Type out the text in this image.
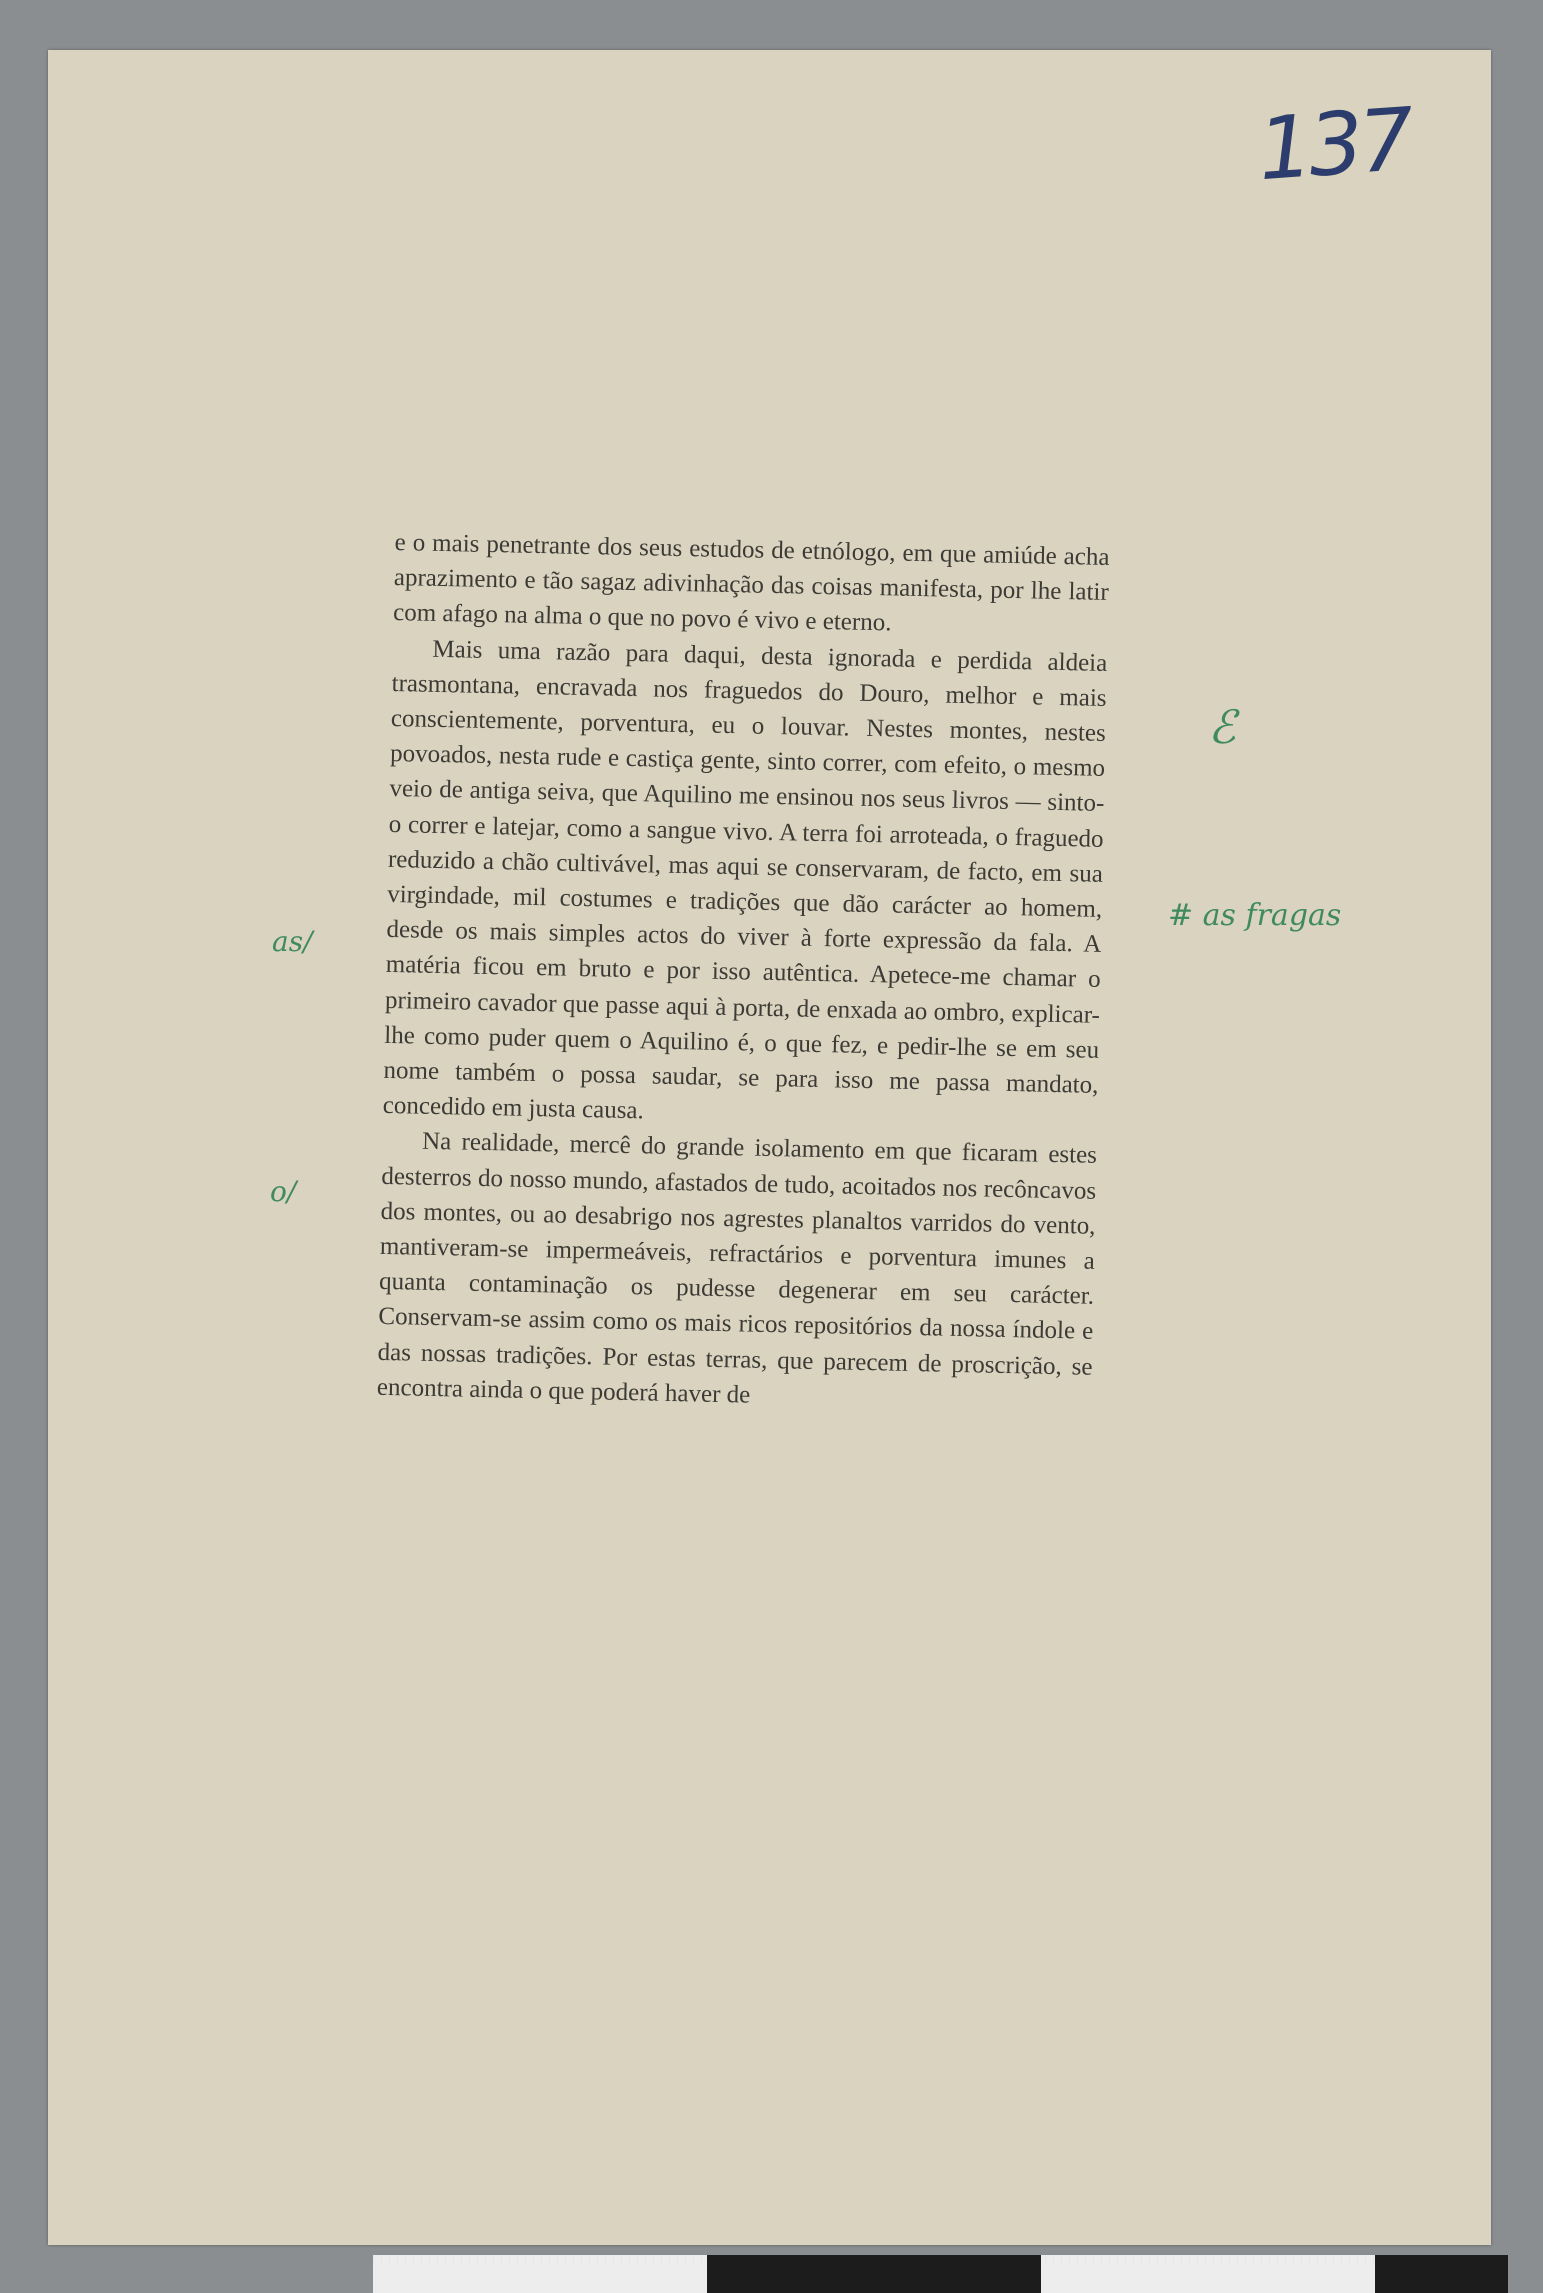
137

e o mais penetrante dos seus estudos de etnólogo, em que amiúde acha aprazimento e tão sagaz adivinhação das coisas manifesta, por lhe latir com afago na alma o que no povo é vivo e eterno.

Mais uma razão para daqui, desta ignorada e perdida aldeia trasmontana, encravada nos fraguedos do Douro, melhor e mais conscientemente, porventura, eu o louvar. Nestes montes, nestes povoados, nesta rude e castiça gente, sinto correr, com efeito, o mesmo veio de antiga seiva, que Aquilino me ensinou nos seus livros — sinto-o correr e latejar, como a sangue vivo. A terra foi arroteada, o fraguedo reduzido a chão cultivável, mas aqui se conservaram, de facto, em sua virgindade, mil costumes e tradições que dão carácter ao homem, desde os mais simples actos do viver à forte expressão da fala. A matéria ficou em bruto e por isso autêntica. Apetece-me chamar o primeiro cavador que passe aqui à porta, de enxada ao ombro, explicar-lhe como puder quem o Aquilino é, o que fez, e pedir-lhe se em seu nome também o possa saudar, se para isso me passa mandato, concedido em justa causa.

Na realidade, mercê do grande isolamento em que ficaram estes desterros do nosso mundo, afastados de tudo, acoitados nos recôncavos dos montes, ou ao desabrigo nos agrestes planaltos varridos do vento, mantiveram-se impermeáveis, refractários e porventura imunes a quanta contaminação os pudesse degenerar em seu carácter. Conservam-se assim como os mais ricos repositórios da nossa índole e das nossas tradições. Por estas terras, que parecem de proscrição, se encontra ainda o que poderá haver de

ℰ
# as fragas
as/
o/
